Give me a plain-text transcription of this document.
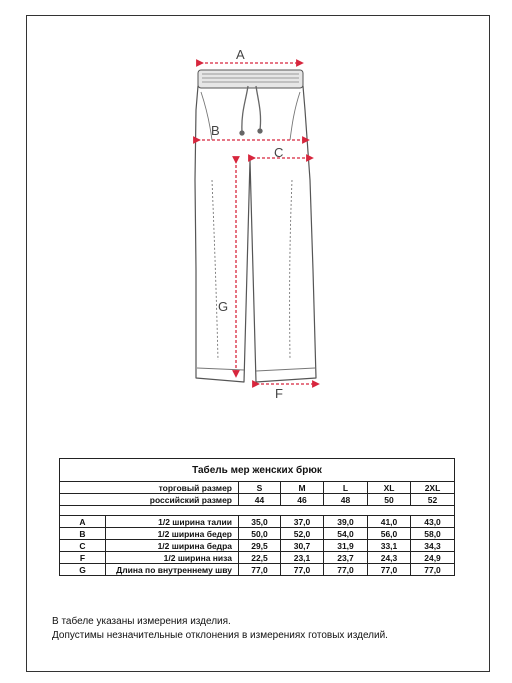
A
B
C
G
F
Табель мер женских брюк						
торговый размер		S	M	L	XL	2XL
российский размер		44	46	48	50	52

A	1/2 ширина талии	35,0	37,0	39,0	41,0	43,0
B	1/2 ширина бедер	50,0	52,0	54,0	56,0	58,0
C	1/2 ширина бедра	29,5	30,7	31,9	33,1	34,3
F	1/2 ширина низа	22,5	23,1	23,7	24,3	24,9
G	Длина по внутреннему шву	77,0	77,0	77,0	77,0	77,0
В табеле указаны измерения изделия.
Допустимы незначительные отклонения в измерениях готовых изделий.
